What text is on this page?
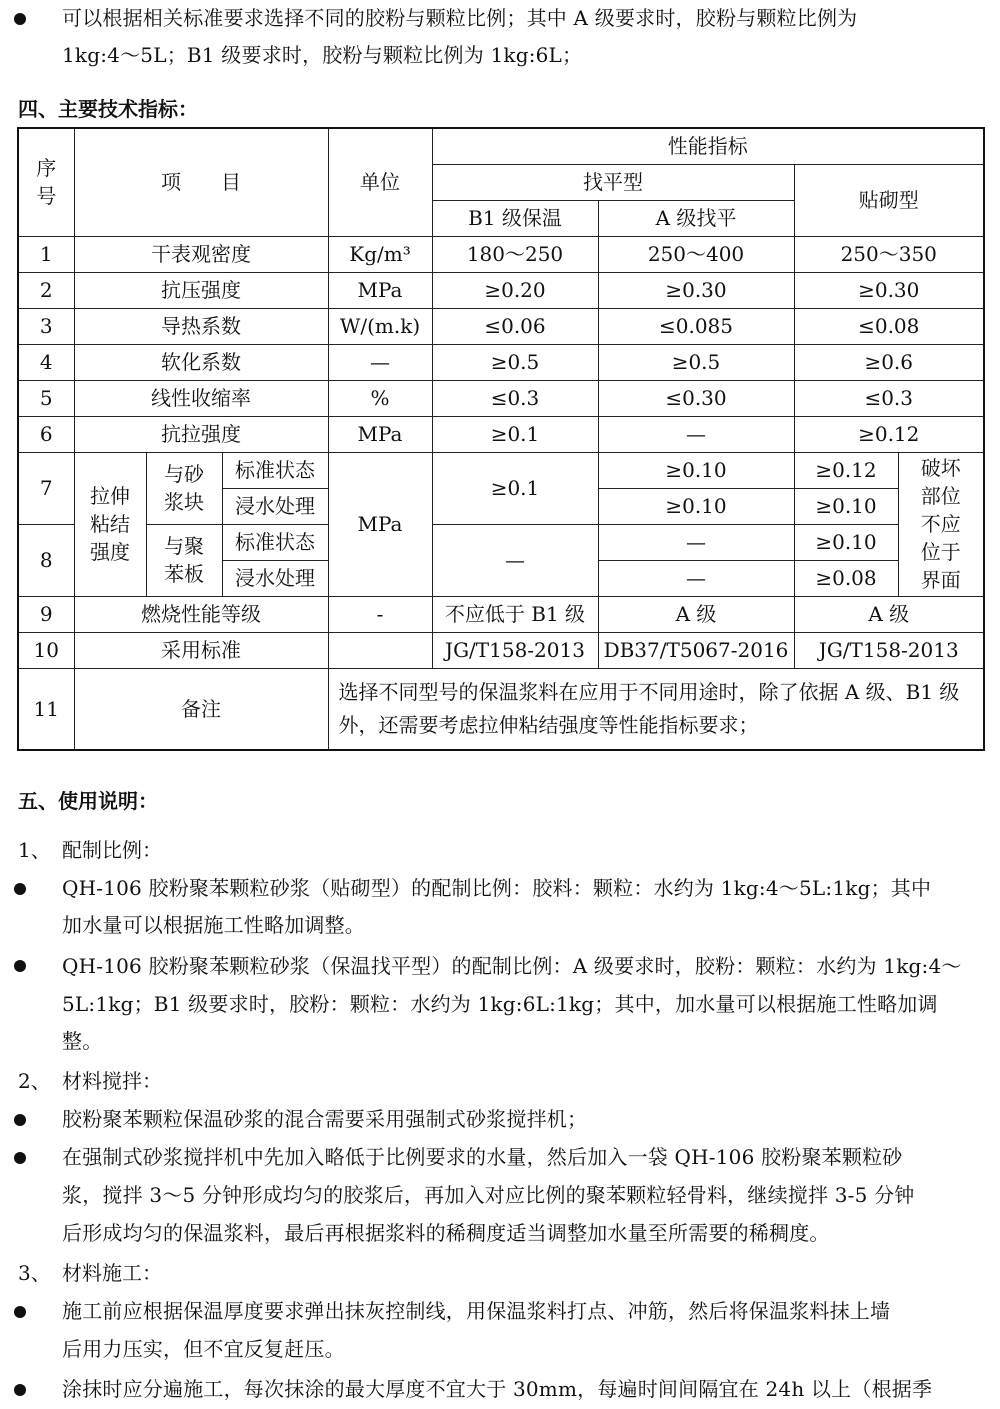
可以根据相关标准要求选择不同的胶粉与颗粒比例；其中 A 级要求时，胶粉与颗粒比例为
1kg:4～5L；B1 级要求时，胶粉与颗粒比例为 1kg:6L；
四、主要技术指标：
序号	项　　目			单位	性能指标			
					找平型		贴砌型	
					B1 级保温	A 级找平		
1	干表观密度			Kg/m³	180～250	250～400	250～350	
2	抗压强度			MPa	≥0.20	≥0.30	≥0.30	
3	导热系数			W/(m.k)	≤0.06	≤0.085	≤0.08	
4	软化系数			—	≥0.5	≥0.5	≥0.6	
5	线性收缩率			%	≤0.3	≤0.30	≤0.3	
6	抗拉强度			MPa	≥0.1	—	≥0.12	
7	拉伸粘结强度	与砂浆块	标准状态	MPa	≥0.1	≥0.10	≥0.12	破坏部位不应位于界面
			浸水处理			≥0.10	≥0.10	
8		与聚苯板	标准状态		—	—	≥0.10	
			浸水处理			—	≥0.08	
9	燃烧性能等级			-	不应低于 B1 级	A 级	A 级	
10	采用标准				JG/T158-2013	DB37/T5067-2016	JG/T158-2013	
11	备注			选择不同型号的保温浆料在应用于不同用途时，除了依据 A 级、B1 级外，还需要考虑拉伸粘结强度等性能指标要求；				
五、使用说明：
1、 配制比例：
QH-106 胶粉聚苯颗粒砂浆（贴砌型）的配制比例：胶料：颗粒：水约为 1kg:4～5L:1kg；其中
加水量可以根据施工性略加调整。
QH-106 胶粉聚苯颗粒砂浆（保温找平型）的配制比例：A 级要求时，胶粉：颗粒：水约为 1kg:4～
5L:1kg；B1 级要求时，胶粉：颗粒：水约为 1kg:6L:1kg；其中，加水量可以根据施工性略加调
整。
2、 材料搅拌：
胶粉聚苯颗粒保温砂浆的混合需要采用强制式砂浆搅拌机；
在强制式砂浆搅拌机中先加入略低于比例要求的水量，然后加入一袋 QH-106 胶粉聚苯颗粒砂
浆，搅拌 3～5 分钟形成均匀的胶浆后，再加入对应比例的聚苯颗粒轻骨料，继续搅拌 3-5 分钟
后形成均匀的保温浆料，最后再根据浆料的稀稠度适当调整加水量至所需要的稀稠度。
3、 材料施工：
施工前应根据保温厚度要求弹出抹灰控制线，用保温浆料打点、冲筋，然后将保温浆料抹上墙
后用力压实，但不宜反复赶压。
涂抹时应分遍施工，每次抹涂的最大厚度不宜大于 30mm，每遍时间间隔宜在 24h 以上（根据季
